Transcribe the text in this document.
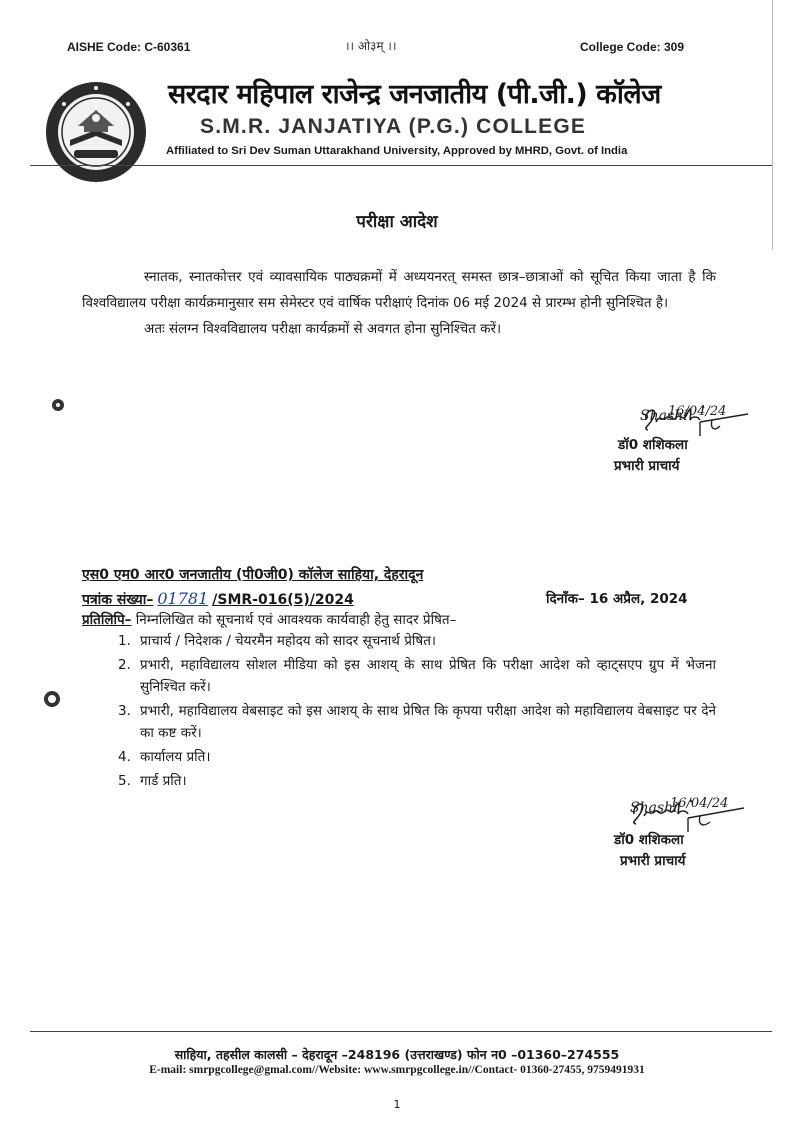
AISHE Code: C-60361	।। ओ३म् ।।	College Code: 309
सरदार महिपाल राजेन्द्र जनजातीय (पी.जी.) कॉलेज
S.M.R. JANJATIYA (P.G.) COLLEGE
Affiliated to Sri Dev Suman Uttarakhand University, Approved by MHRD, Govt. of India
परीक्षा आदेश

स्नातक, स्नातकोत्तर एवं व्यावसायिक पाठ्यक्रमों में अध्ययनरत् समस्त छात्र–छात्राओं को सूचित किया जाता है कि विश्वविद्यालय परीक्षा कार्यक्रमानुसार सम सेमेस्टर एवं वार्षिक परीक्षाएं दिनांक 06 मई 2024 से प्रारम्भ होनी सुनिश्चित है।

अतः संलग्न विश्वविद्यालय परीक्षा कार्यक्रमों से अवगत होना सुनिश्चित करें।

16/04/24
Shashi
डॉ0 शशिकला
प्रभारी प्राचार्य
एस0 एम0 आर0 जनजातीय (पी0जी0) कॉलेज साहिया, देहरादून
पत्रांक संख्या– 01781 /SMR-016(5)/2024	दिनाँक– 16 अप्रैल, 2024
प्रतिलिपि– निम्नलिखित को सूचनार्थ एवं आवश्यक कार्यवाही हेतु सादर प्रेषित–
1. प्राचार्य / निदेशक / चेयरमैन महोदय को सादर सूचनार्थ प्रेषित।
2. प्रभारी, महाविद्यालय सोशल मीडिया को इस आशय् के साथ प्रेषित कि परीक्षा आदेश को व्हाट्सएप ग्रुप में भेजना सुनिश्चित करें।
3. प्रभारी, महाविद्यालय वेबसाइट को इस आशय् के साथ प्रेषित कि कृपया परीक्षा आदेश को महाविद्यालय वेबसाइट पर देने का कष्ट करें।
4. कार्यालय प्रति।
5. गार्ड प्रति।
16/04/24
Shashi
डॉ0 शशिकला
प्रभारी प्राचार्य
साहिया, तहसील कालसी – देहरादून –248196 (उत्तराखण्ड) फोन न0 –01360–274555
E-mail: smrpgcollege@gmal.com//Website: www.smrpgcollege.in//Contact- 01360-27455, 9759491931
1
